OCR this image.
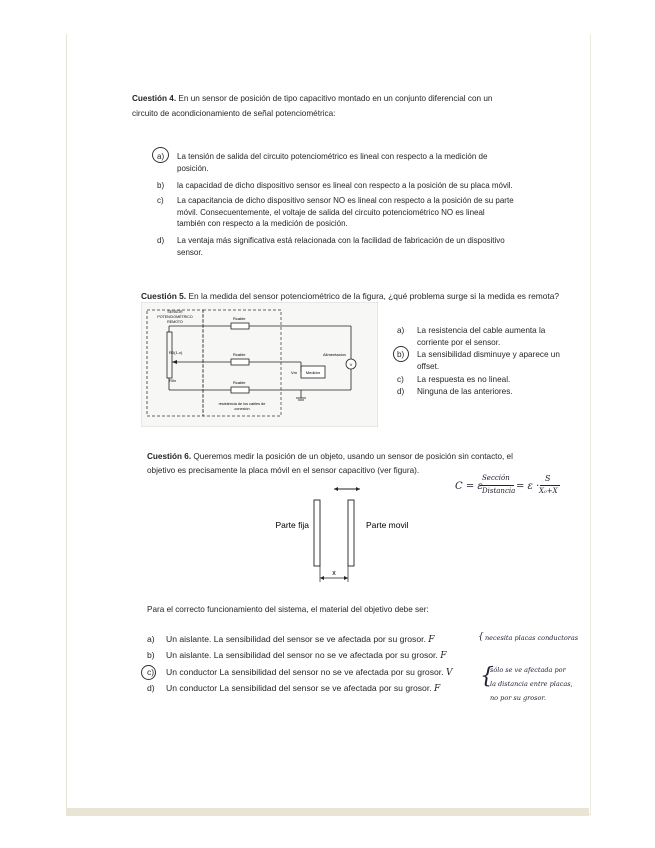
Cuestión 4. En un sensor de posición de tipo capacitivo montado en un conjunto diferencial con un
circuito de acondicionamiento de señal potenciométrica:
a) La tensión de salida del circuito potenciométrico es lineal con respecto a la medición de
posición.
b) la capacidad de dicho dispositivo sensor es lineal con respecto a la posición de su placa móvil.
c) La capacitancia de dicho dispositivo sensor NO es lineal con respecto a la posición de su parte
móvil. Consecuentemente, el voltaje de salida del circuito potenciométrico NO es lineal
también con respecto a la medición de posición.
d) La ventaja más significativa está relacionada con la facilidad de fabricación de un dispositivo
sensor.
Cuestión 5. En la medida del sensor potenciométrico de la figura, ¿qué problema surge si la medida es remota?
SENSOR
POTENCIOMÉTRICO
REMOTO
R0(1-x)
R0x
Rcable
Rcable
Rcable
resistencia de los cables de
conexión
V
Alimentacion
Medidor
Vm
a) La resistencia del cable aumenta la
corriente por el sensor.
b) La sensibilidad disminuye y aparece un
offset.
c) La respuesta es no lineal.
d) Ninguna de las anteriores.
Cuestión 6. Queremos medir la posición de un objeto, usando un sensor de posición sin contacto, el
objetivo es precisamente la placa móvil en el sensor capacitivo (ver figura).
C = ε
Sección
Distancia = ε ·
S
X₀+X
x
Parte fija	Parte movil
Para el correcto funcionamiento del sistema, el material del objetivo debe ser:
a) Un aislante. La sensibilidad del sensor se ve afectada por su grosor. F
b) Un aislante. La sensibilidad del sensor no se ve afectada por su grosor. F
c) Un conductor La sensibilidad del sensor no se ve afectada por su grosor. V
d) Un conductor La sensibilidad del sensor se ve afectada por su grosor. F
{ necesita placas conductoras
{
sólo se ve afectada por
la distancia entre placas,
no por su grosor.
